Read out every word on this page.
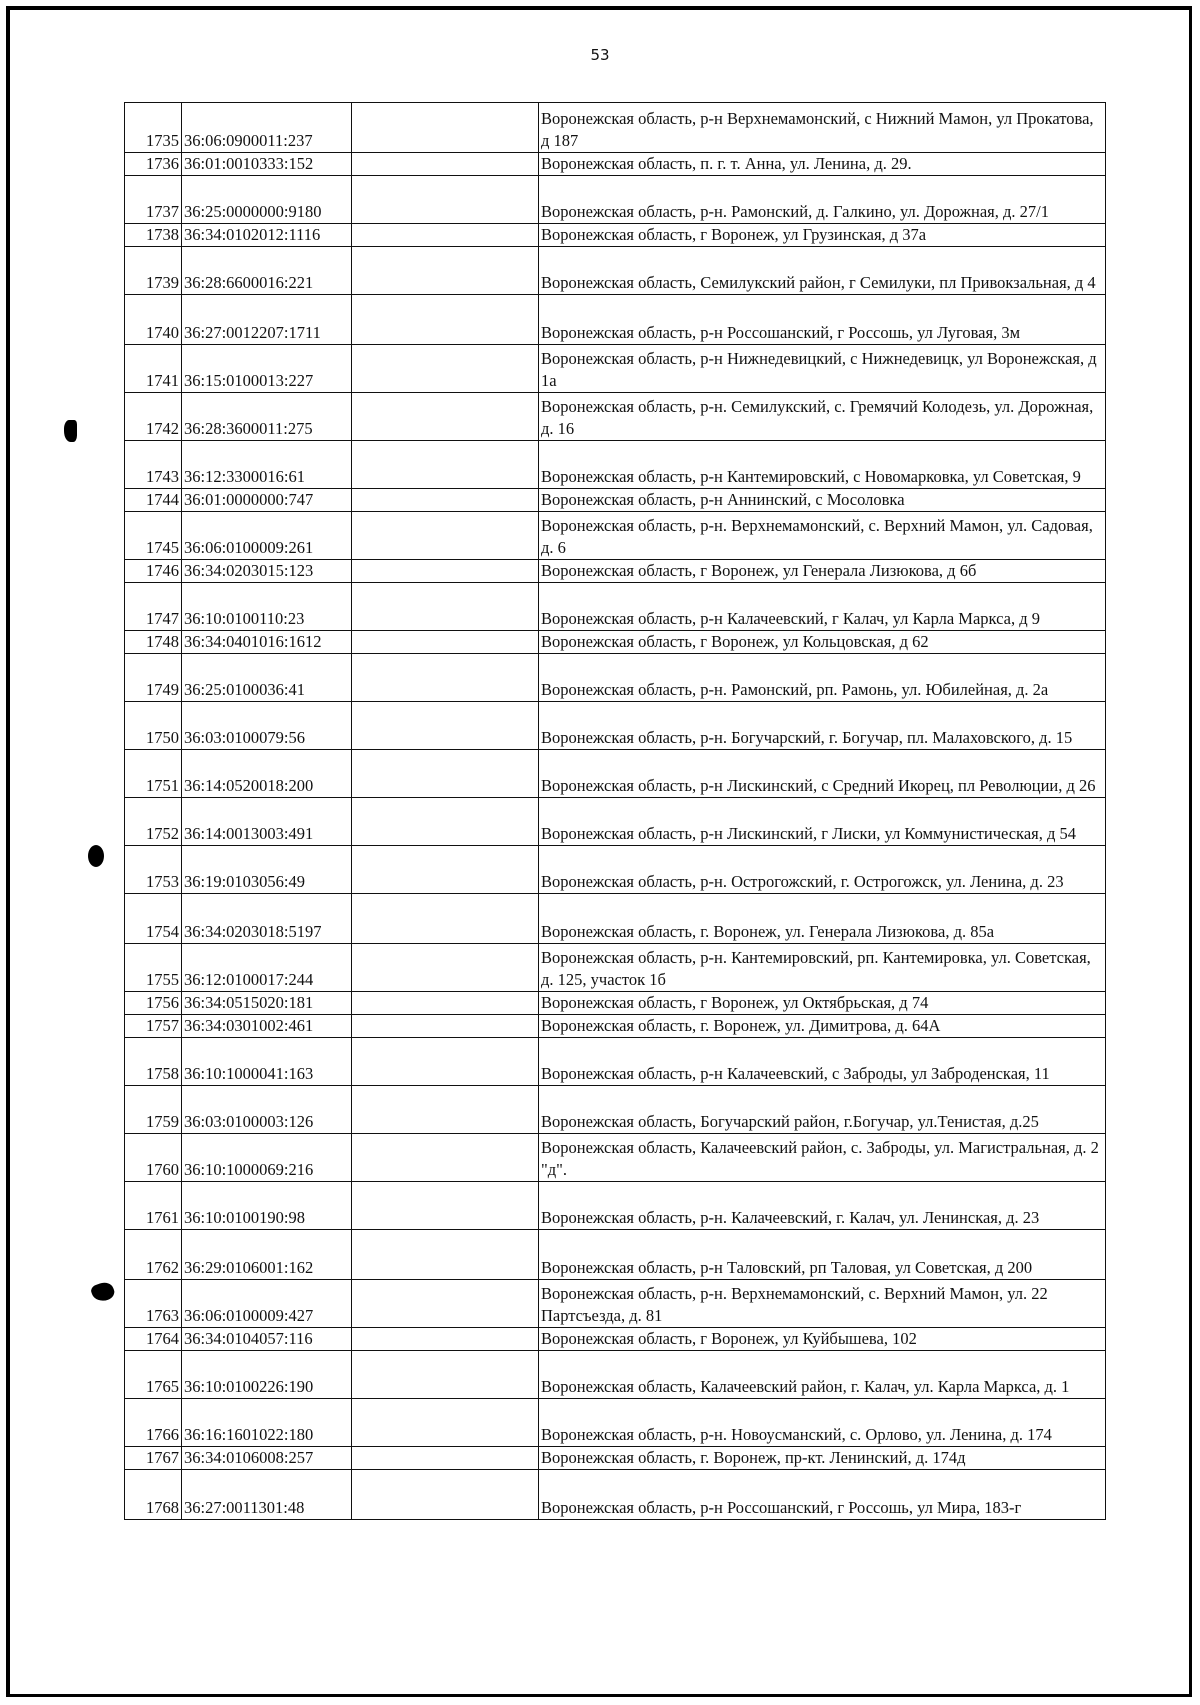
53
1735	36:06:0900011:237		Воронежская область, р-н Верхнемамонский, с Нижний Мамон, ул Прокатова, д 187
1736	36:01:0010333:152		Воронежская область, п. г. т. Анна, ул. Ленина, д. 29.
1737	36:25:0000000:9180		Воронежская область, р-н. Рамонский, д. Галкино, ул. Дорожная, д. 27/1
1738	36:34:0102012:1116		Воронежская область, г Воронеж, ул Грузинская, д 37а
1739	36:28:6600016:221		Воронежская область, Семилукский район, г Семилуки, пл Привокзальная, д 4
1740	36:27:0012207:1711		Воронежская область, р-н Россошанский, г Россошь, ул Луговая, 3м
1741	36:15:0100013:227		Воронежская область, р-н Нижнедевицкий, с Нижнедевицк, ул Воронежская, д 1а
1742	36:28:3600011:275		Воронежская область, р-н. Семилукский, с. Гремячий Колодезь, ул. Дорожная, д. 16
1743	36:12:3300016:61		Воронежская область, р-н Кантемировский, с Новомарковка, ул Советская, 9
1744	36:01:0000000:747		Воронежская область, р-н Аннинский, с Мосоловка
1745	36:06:0100009:261		Воронежская область, р-н. Верхнемамонский, с. Верхний Мамон, ул. Садовая, д. 6
1746	36:34:0203015:123		Воронежская область, г Воронеж, ул Генерала Лизюкова, д 6б
1747	36:10:0100110:23		Воронежская область, р-н Калачеевский, г Калач, ул Карла Маркса, д 9
1748	36:34:0401016:1612		Воронежская область, г Воронеж, ул Кольцовская, д 62
1749	36:25:0100036:41		Воронежская область, р-н. Рамонский, рп. Рамонь, ул. Юбилейная, д. 2а
1750	36:03:0100079:56		Воронежская область, р-н. Богучарский, г. Богучар, пл. Малаховского, д. 15
1751	36:14:0520018:200		Воронежская область, р-н Лискинский, с Средний Икорец, пл Революции, д 26
1752	36:14:0013003:491		Воронежская область, р-н Лискинский, г Лиски, ул Коммунистическая, д 54
1753	36:19:0103056:49		Воронежская область, р-н. Острогожский, г. Острогожск, ул. Ленина, д. 23
1754	36:34:0203018:5197		Воронежская область, г. Воронеж, ул. Генерала Лизюкова, д. 85а
1755	36:12:0100017:244		Воронежская область, р-н. Кантемировский, рп. Кантемировка, ул. Советская, д. 125, участок 1б
1756	36:34:0515020:181		Воронежская область, г Воронеж, ул Октябрьская, д 74
1757	36:34:0301002:461		Воронежская область, г. Воронеж, ул. Димитрова, д. 64А
1758	36:10:1000041:163		Воронежская область, р-н Калачеевский, с Заброды, ул Заброденская, 11
1759	36:03:0100003:126		Воронежская область, Богучарский район, г.Богучар, ул.Тенистая, д.25
1760	36:10:1000069:216		Воронежская область, Калачеевский район, с. Заброды, ул. Магистральная, д. 2 "д".
1761	36:10:0100190:98		Воронежская область, р-н. Калачеевский, г. Калач, ул. Ленинская, д. 23
1762	36:29:0106001:162		Воронежская область, р-н Таловский, рп Таловая, ул Советская, д 200
1763	36:06:0100009:427		Воронежская область, р-н. Верхнемамонский, с. Верхний Мамон, ул. 22 Партсъезда, д. 81
1764	36:34:0104057:116		Воронежская область, г Воронеж, ул Куйбышева, 102
1765	36:10:0100226:190		Воронежская область, Калачеевский район, г. Калач, ул. Карла Маркса, д. 1
1766	36:16:1601022:180		Воронежская область, р-н. Новоусманский, с. Орлово, ул. Ленина, д. 174
1767	36:34:0106008:257		Воронежская область, г. Воронеж, пр-кт. Ленинский, д. 174д
1768	36:27:0011301:48		Воронежская область, р-н Россошанский, г Россошь, ул Мира, 183-г
